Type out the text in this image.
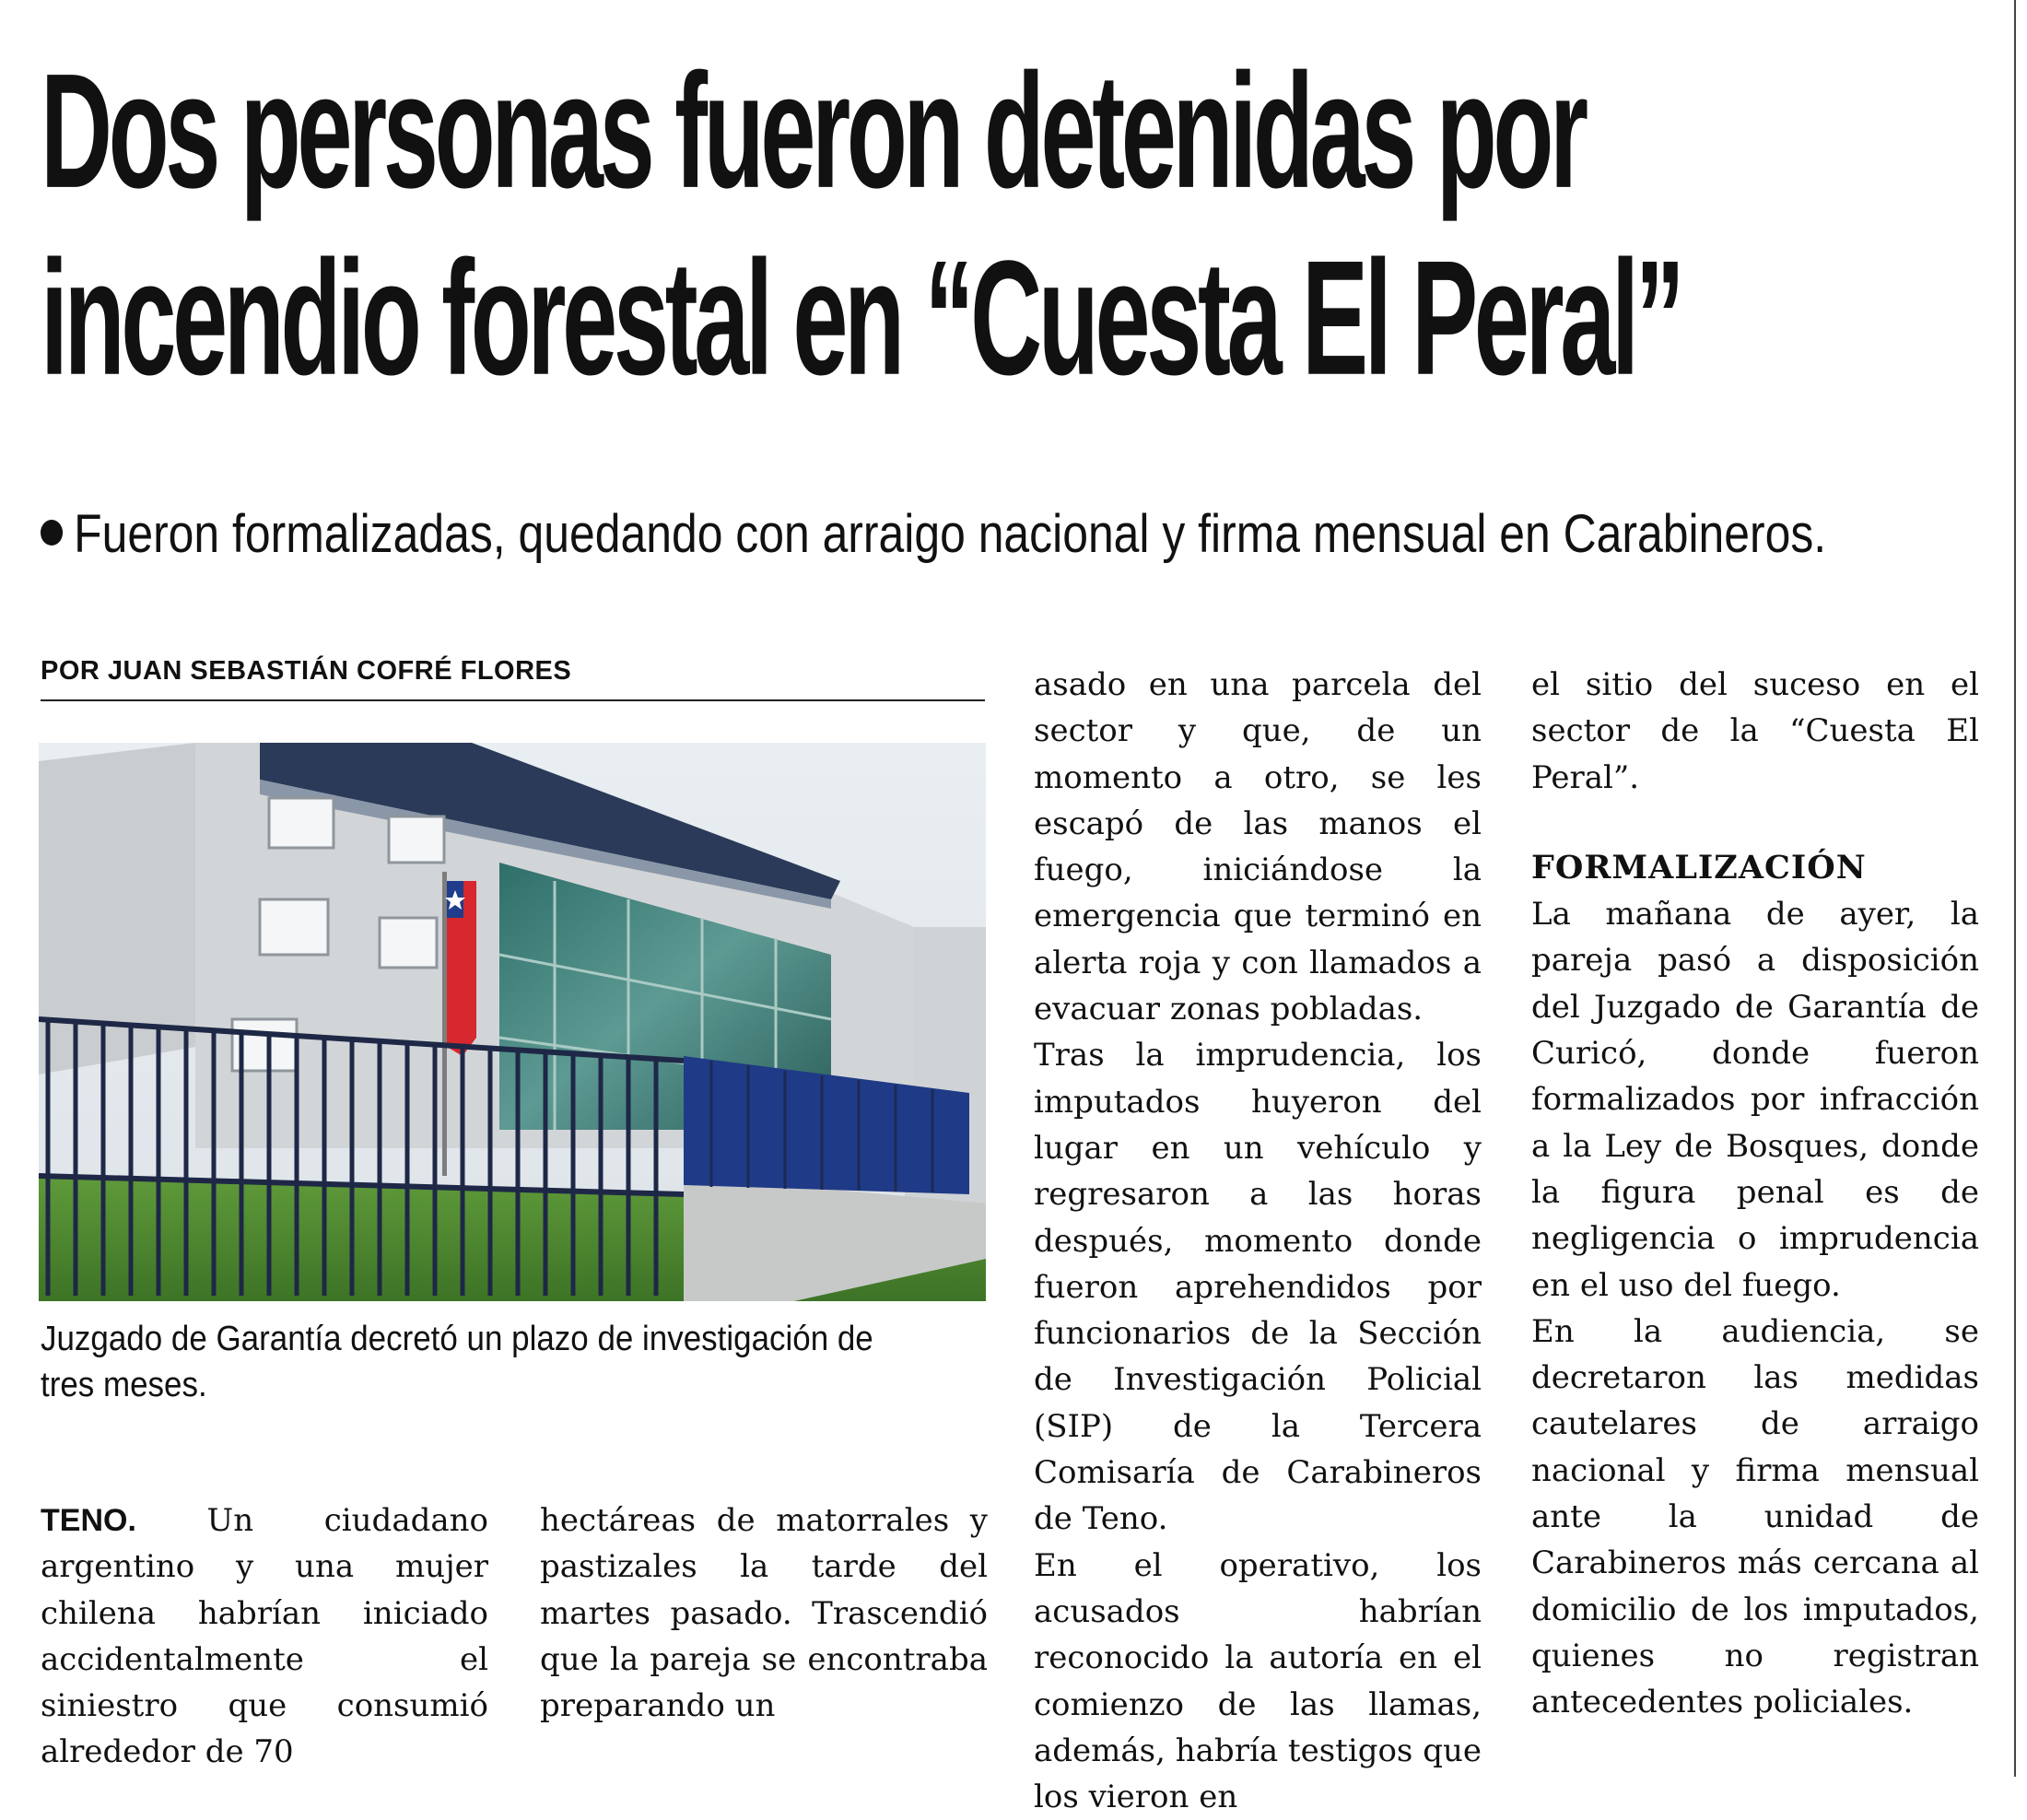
Dos personas fueron detenidas por
incendio forestal en “Cuesta El Peral”

Fueron formalizadas, quedando con arraigo nacional y firma mensual en Carabineros.

POR JUAN SEBASTIÁN COFRÉ FLORES

Juzgado de Garantía decretó un plazo de investigación de tres meses.

TENO. Un ciudadano argentino y una mujer chilena habrían iniciado accidentalmente el siniestro que consumió alrededor de 70

hectáreas de matorrales y pastizales la tarde del martes pasado. Trascendió que la pareja se encontraba preparando un

asado en una parcela del sector y que, de un momento a otro, se les escapó de las manos el fuego, iniciándose la emergencia que terminó en alerta roja y con llamados a evacuar zonas pobladas.

Tras la imprudencia, los imputados huyeron del lugar en un vehículo y regresaron a las horas después, momento donde fueron aprehendidos por funcionarios de la Sección de Investigación Policial (SIP) de la Tercera Comisaría de Carabineros de Teno.

En el operativo, los acusados habrían reconocido la autoría en el comienzo de las llamas, además, habría testigos que los vieron en

el sitio del suceso en el sector de la “Cuesta El Peral”.

FORMALIZACIÓN

La mañana de ayer, la pareja pasó a disposición del Juzgado de Garantía de Curicó, donde fueron formalizados por infracción a la Ley de Bosques, donde la figura penal es de negligencia o imprudencia en el uso del fuego.

En la audiencia, se decretaron las medidas cautelares de arraigo nacional y firma mensual ante la unidad de Carabineros más cercana al domicilio de los imputados, quienes no registran antecedentes policiales.
